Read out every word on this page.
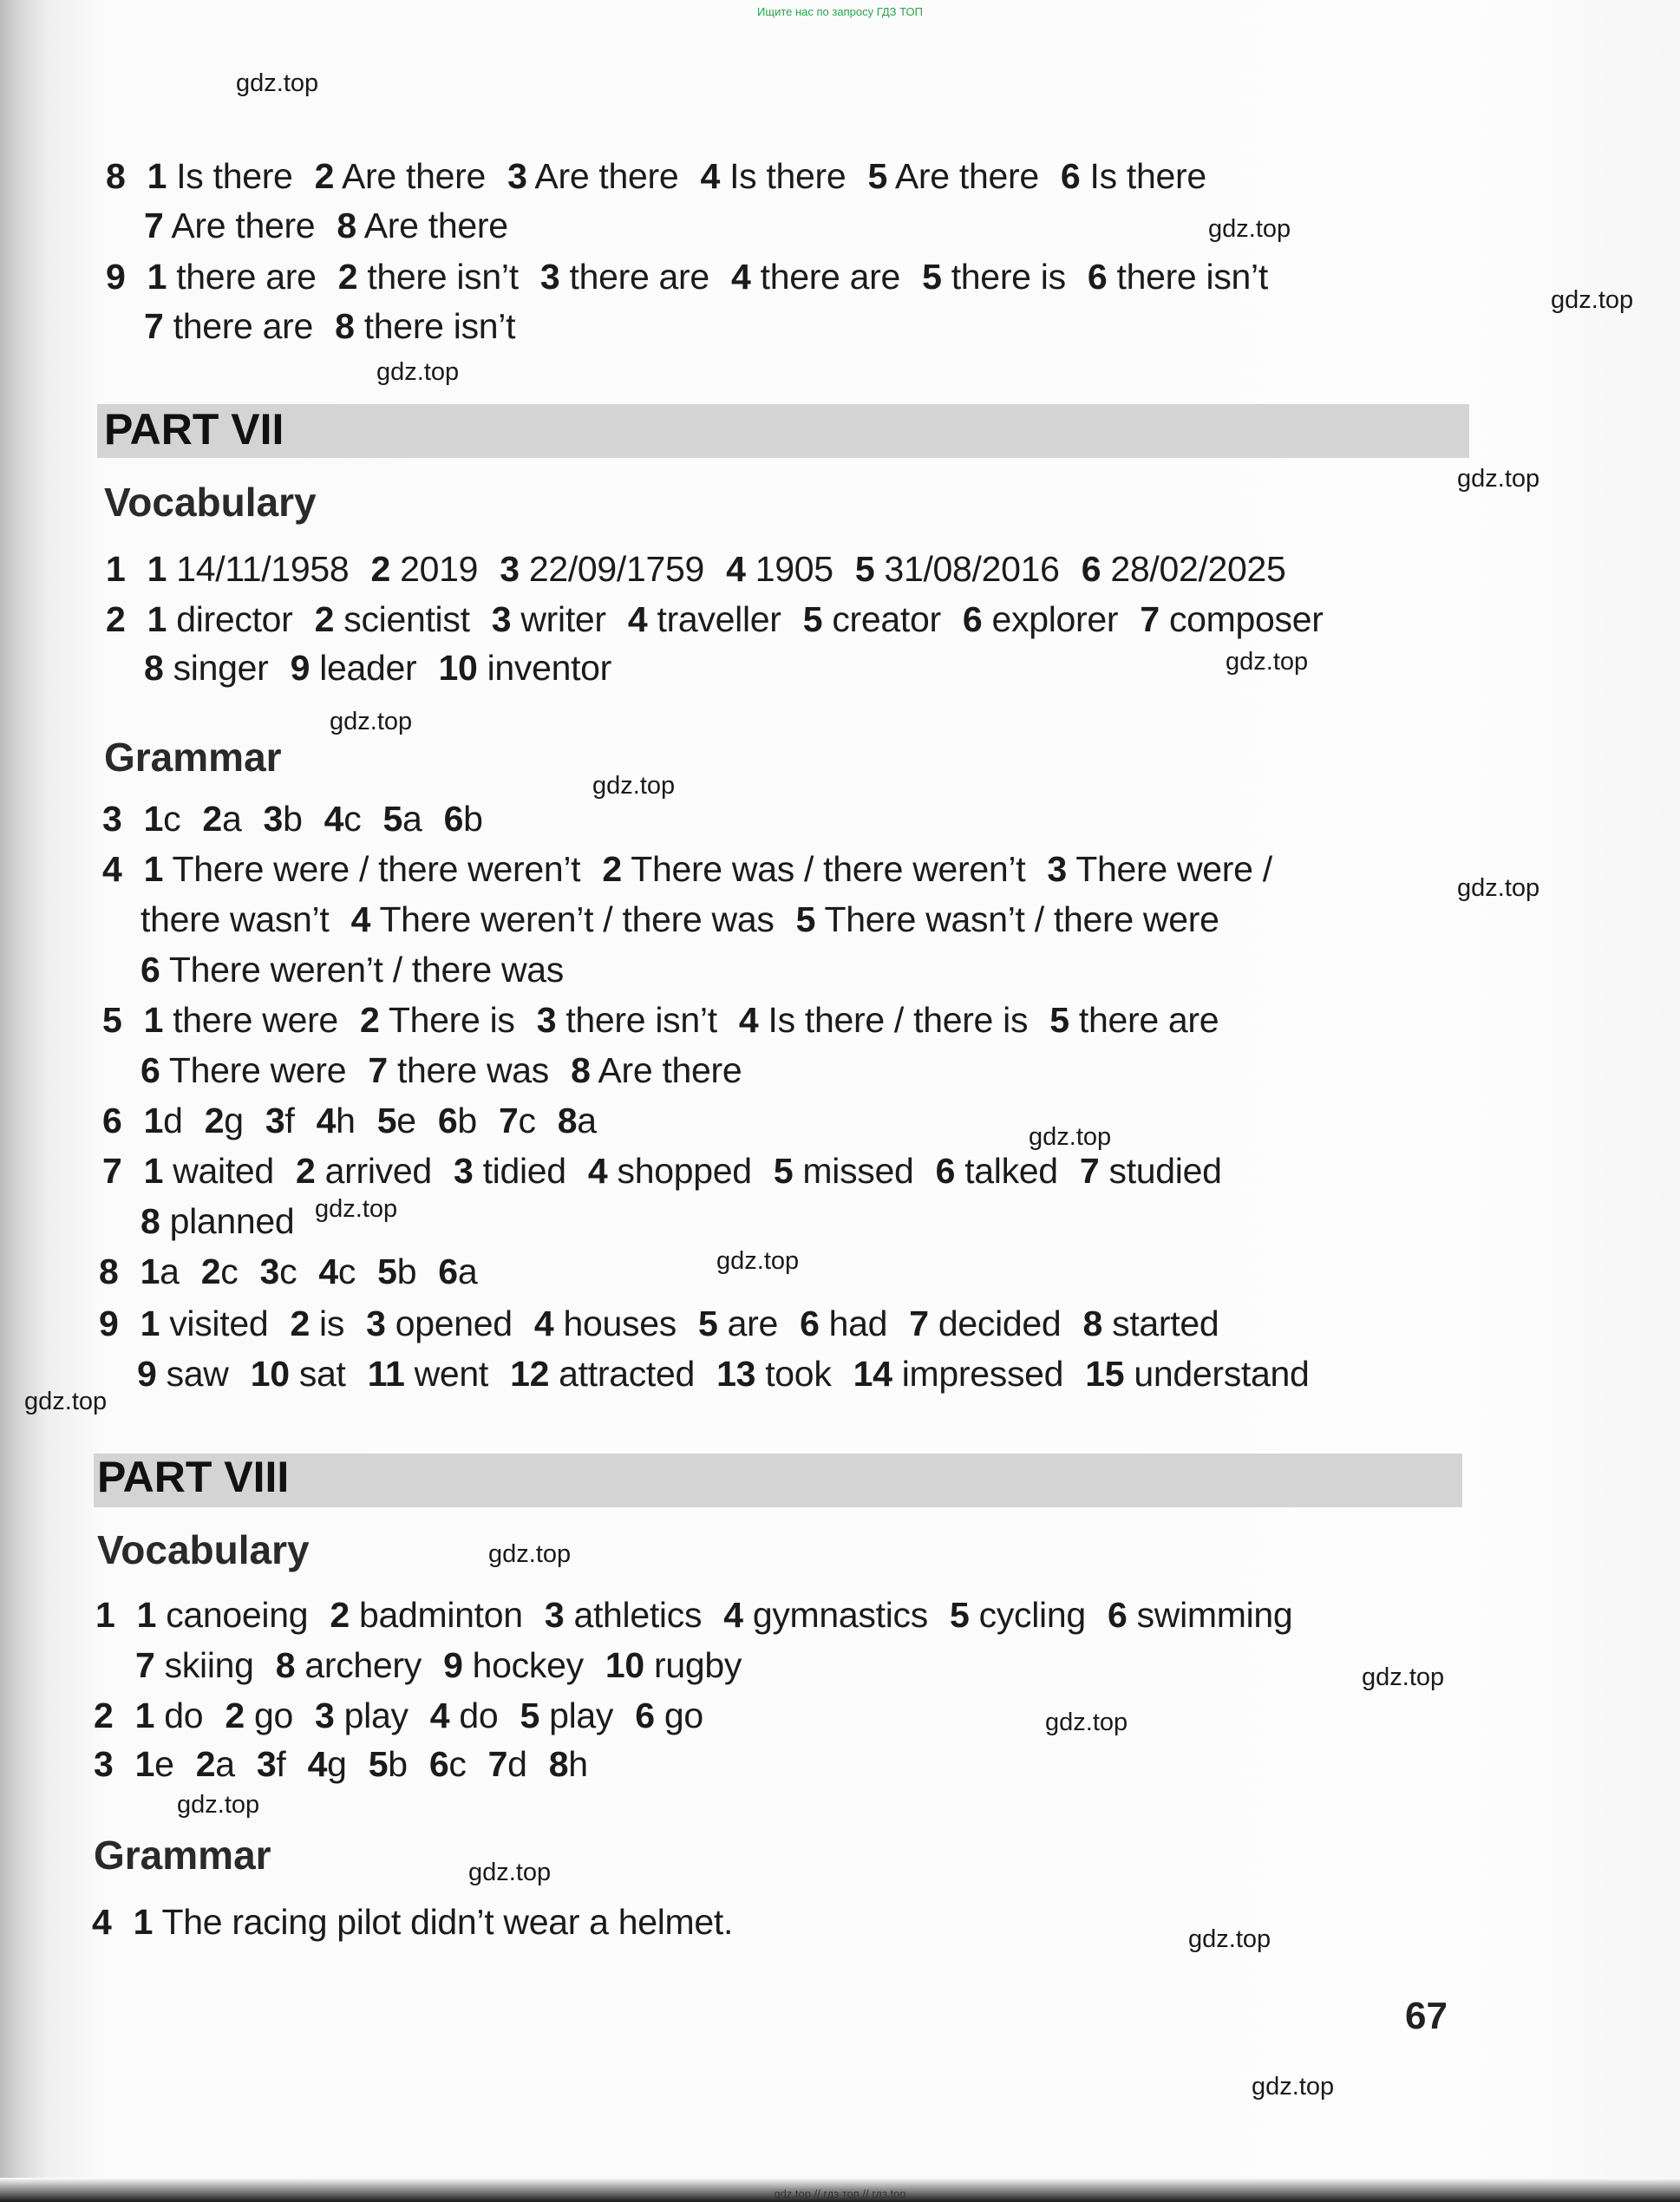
Ищите нас по запросу ГДЗ ТОП
gdz.top
gdz.top
gdz.top
gdz.top
gdz.top
gdz.top
gdz.top
gdz.top
gdz.top
gdz.top
gdz.top
gdz.top
gdz.top
gdz.top
gdz.top
gdz.top
gdz.top
gdz.top
gdz.top
gdz.top
8 1 Is there 2 Are there 3 Are there 4 Is there 5 Are there 6 Is there
7 Are there 8 Are there
9 1 there are 2 there isn’t 3 there are 4 there are 5 there is 6 there isn’t
7 there are 8 there isn’t
PART VII
Vocabulary
1 1 14/11/1958 2 2019 3 22/09/1759 4 1905 5 31/08/2016 6 28/02/2025
2 1 director 2 scientist 3 writer 4 traveller 5 creator 6 explorer 7 composer
8 singer 9 leader 10 inventor
Grammar
3 1c 2a 3b 4c 5a 6b
4 1 There were / there weren’t 2 There was / there weren’t 3 There were /
there wasn’t 4 There weren’t / there was 5 There wasn’t / there were
6 There weren’t / there was
5 1 there were 2 There is 3 there isn’t 4 Is there / there is 5 there are
6 There were 7 there was 8 Are there
6 1d 2g 3f 4h 5e 6b 7c 8a
7 1 waited 2 arrived 3 tidied 4 shopped 5 missed 6 talked 7 studied
8 planned
8 1a 2c 3c 4c 5b 6a
9 1 visited 2 is 3 opened 4 houses 5 are 6 had 7 decided 8 started
9 saw 10 sat 11 went 12 attracted 13 took 14 impressed 15 understand
PART VIII
Vocabulary
1 1 canoeing 2 badminton 3 athletics 4 gymnastics 5 cycling 6 swimming
7 skiing 8 archery 9 hockey 10 rugby
2 1 do 2 go 3 play 4 do 5 play 6 go
3 1e 2a 3f 4g 5b 6c 7d 8h
Grammar
4 1 The racing pilot didn’t wear a helmet.
67
gdz.top // гдз топ // гдз.top
